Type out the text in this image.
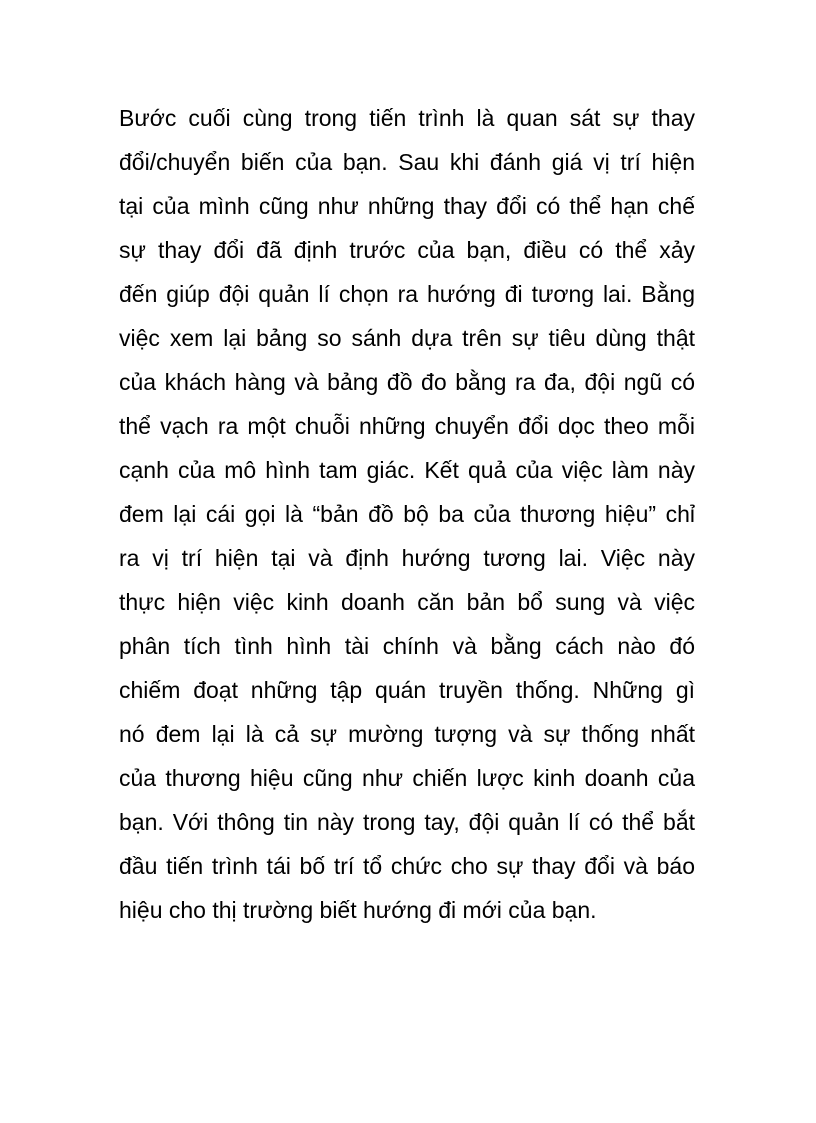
Bước cuối cùng trong tiến trình là quan sát sự thay
đổi/chuyển biến của bạn. Sau khi đánh giá vị trí hiện
tại của mình cũng như những thay đổi có thể hạn chế
sự thay đổi đã định trước của bạn, điều có thể xảy
đến giúp đội quản lí chọn ra hướng đi tương lai. Bằng
việc xem lại bảng so sánh dựa trên sự tiêu dùng thật
của khách hàng và bảng đồ đo bằng ra đa, đội ngũ có
thể vạch ra một chuỗi những chuyển đổi dọc theo mỗi
cạnh của mô hình tam giác. Kết quả của việc làm này
đem lại cái gọi là “bản đồ bộ ba của thương hiệu” chỉ
ra vị trí hiện tại và định hướng tương lai. Việc này
thực hiện việc kinh doanh căn bản bổ sung và việc
phân tích tình hình tài chính và bằng cách nào đó
chiếm đoạt những tập quán truyền thống. Những gì
nó đem lại là cả sự mường tượng và sự thống nhất
của thương hiệu cũng như chiến lược kinh doanh của
bạn. Với thông tin này trong tay, đội quản lí có thể bắt
đầu tiến trình tái bố trí tổ chức cho sự thay đổi và báo
hiệu cho thị trường biết hướng đi mới của bạn.
